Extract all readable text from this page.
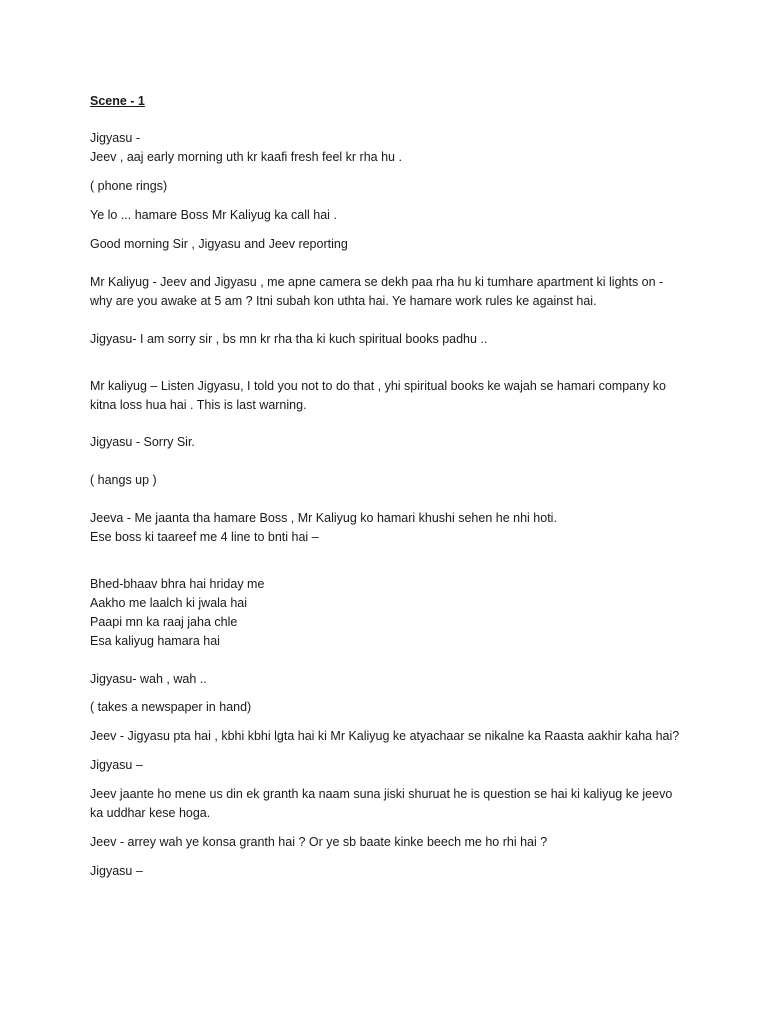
Scene - 1
Jigyasu -
Jeev , aaj early morning uth kr kaafi fresh feel kr rha hu .
( phone rings)
Ye lo ... hamare Boss Mr Kaliyug ka call hai .
Good morning Sir , Jigyasu and Jeev reporting
Mr Kaliyug - Jeev and Jigyasu , me apne camera se dekh paa rha hu ki tumhare apartment ki lights on -
why are you awake at 5 am ? Itni subah kon uthta hai. Ye hamare work rules ke against hai.
Jigyasu- I am sorry sir , bs mn kr rha tha ki kuch spiritual books padhu ..
Mr kaliyug – Listen Jigyasu, I told you not to do that , yhi spiritual books ke wajah se hamari company ko
kitna loss hua hai . This is last warning.
Jigyasu - Sorry Sir.
( hangs up )
Jeeva - Me jaanta tha hamare Boss , Mr Kaliyug ko hamari khushi sehen he nhi hoti.
Ese boss ki taareef me 4 line to bnti hai –
Bhed-bhaav bhra hai hriday me
Aakho me laalch ki jwala hai
Paapi mn ka raaj jaha chle
Esa kaliyug hamara hai
Jigyasu- wah , wah ..
( takes a newspaper in hand)
Jeev - Jigyasu pta hai , kbhi kbhi lgta hai ki Mr Kaliyug ke atyachaar se nikalne ka Raasta aakhir kaha hai?
Jigyasu –
Jeev jaante ho mene us din ek granth ka naam suna jiski shuruat he is question se hai ki kaliyug ke jeevo
ka uddhar kese hoga.
Jeev - arrey wah ye konsa granth hai ? Or ye sb baate kinke beech me ho rhi hai ?
Jigyasu –
